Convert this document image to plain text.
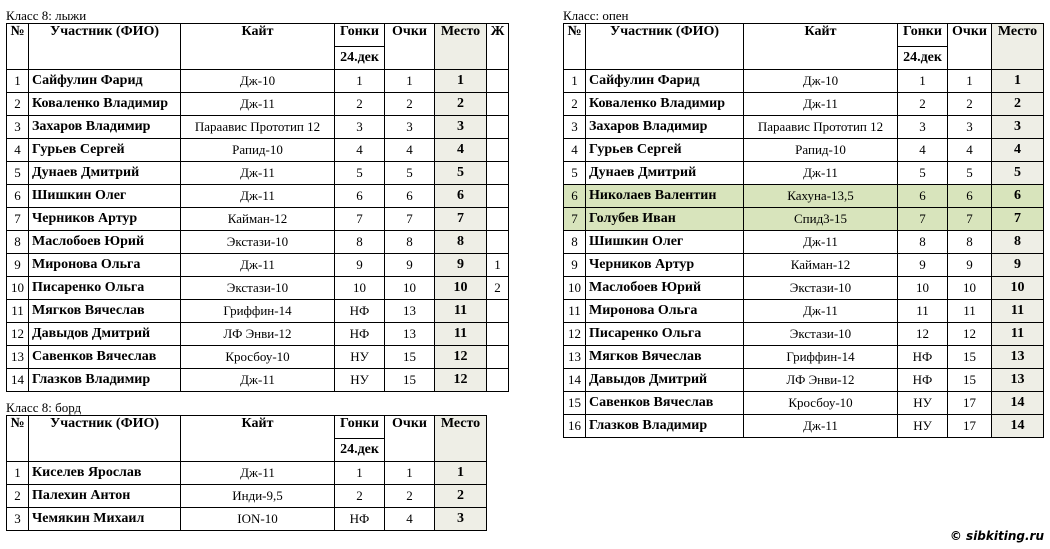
Класс 8: лыжи
№	Участник (ФИО)	Кайт	Гонки	Очки	Место	Ж
			24.дек			
1	Сайфулин Фарид	Дж-10	1	1	1	
2	Коваленко Владимир	Дж-11	2	2	2	
3	Захаров Владимир	Параавис Прототип 12	3	3	3	
4	Гурьев Сергей	Рапид-10	4	4	4	
5	Дунаев Дмитрий	Дж-11	5	5	5	
6	Шишкин Олег	Дж-11	6	6	6	
7	Черников Артур	Кайман-12	7	7	7	
8	Маслобоев Юрий	Экстази-10	8	8	8	
9	Миронова Ольга	Дж-11	9	9	9	1
10	Писаренко Ольга	Экстази-10	10	10	10	2
11	Мягков Вячеслав	Гриффин-14	НФ	13	11	
12	Давыдов Дмитрий	ЛФ Энви-12	НФ	13	11	
13	Савенков Вячеслав	Кросбоу-10	НУ	15	12	
14	Глазков Владимир	Дж-11	НУ	15	12	
Класс 8: борд
№	Участник (ФИО)	Кайт	Гонки	Очки	Место
			24.дек		
1	Киселев Ярослав	Дж-11	1	1	1
2	Палехин Антон	Инди-9,5	2	2	2
3	Чемякин Михаил	ION-10	НФ	4	3
Класс: опен
№	Участник (ФИО)	Кайт	Гонки	Очки	Место
			24.дек		
1	Сайфулин Фарид	Дж-10	1	1	1
2	Коваленко Владимир	Дж-11	2	2	2
3	Захаров Владимир	Параавис Прототип 12	3	3	3
4	Гурьев Сергей	Рапид-10	4	4	4
5	Дунаев Дмитрий	Дж-11	5	5	5
6	Николаев Валентин	Кахуна-13,5	6	6	6
7	Голубев Иван	Спид3-15	7	7	7
8	Шишкин Олег	Дж-11	8	8	8
9	Черников Артур	Кайман-12	9	9	9
10	Маслобоев Юрий	Экстази-10	10	10	10
11	Миронова Ольга	Дж-11	11	11	11
12	Писаренко Ольга	Экстази-10	12	12	11
13	Мягков Вячеслав	Гриффин-14	НФ	15	13
14	Давыдов Дмитрий	ЛФ Энви-12	НФ	15	13
15	Савенков Вячеслав	Кросбоу-10	НУ	17	14
16	Глазков Владимир	Дж-11	НУ	17	14
© sibkiting.ru
